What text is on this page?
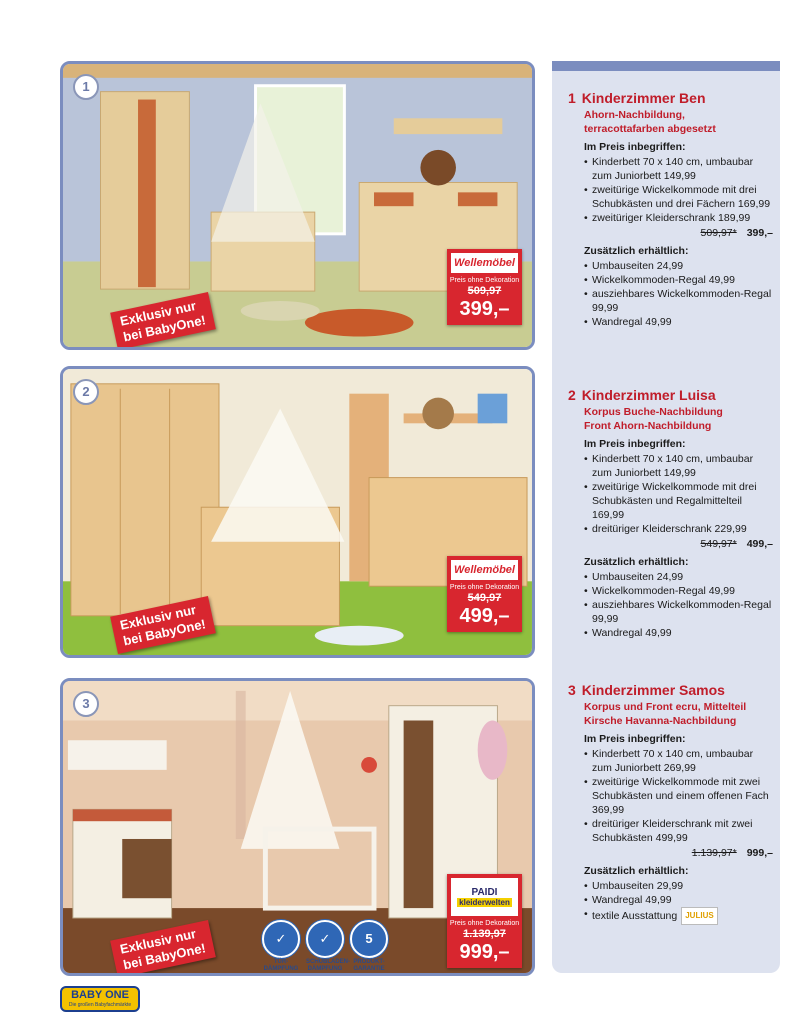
1
Exklusiv nur
bei BabyOne!
Wellemöbel
Preis ohne Dekoration
509,97
399,–
2
Exklusiv nur
bei BabyOne!
Wellemöbel
Preis ohne Dekoration
549,97
499,–
3
Exklusiv nur
bei BabyOne!
PAIDI
kleiderwelten
Preis ohne Dekoration
1.139,97
999,–
✓
TÜR-
DÄMPFUNG
✓
SCHUBLADEN-
DÄMPFUNG
5
PRODUKT-
GARANTIE
1 Kinderzimmer Ben
Ahorn-Nachbildung,
terracottafarben abgesetzt
Im Preis inbegriffen:
• Kinderbett 70 x 140 cm, umbaubar zum Juniorbett 149,99
• zweitürige Wickelkommode mit drei Schubkästen und drei Fächern 169,99
• zweitüriger Kleiderschrank 189,99
509,97* 399,–
Zusätzlich erhältlich:
• Umbauseiten 24,99
• Wickelkommoden-Regal 49,99
• ausziehbares Wickelkommoden-Regal 99,99
• Wandregal 49,99
2 Kinderzimmer Luisa
Korpus Buche-Nachbildung
Front Ahorn-Nachbildung
Im Preis inbegriffen:
• Kinderbett 70 x 140 cm, umbaubar zum Juniorbett 149,99
• zweitürige Wickelkommode mit drei Schubkästen und Regalmittelteil 169,99
• dreitüriger Kleiderschrank 229,99
549,97* 499,–
Zusätzlich erhältlich:
• Umbauseiten 24,99
• Wickelkommoden-Regal 49,99
• ausziehbares Wickelkommoden-Regal 99,99
• Wandregal 49,99
3 Kinderzimmer Samos
Korpus und Front ecru, Mittelteil
Kirsche Havanna-Nachbildung
Im Preis inbegriffen:
• Kinderbett 70 x 140 cm, umbaubar zum Juniorbett 269,99
• zweitürige Wickelkommode mit zwei Schubkästen und einem offenen Fach 369,99
• dreitüriger Kleiderschrank mit zwei Schubkästen 499,99
1.139,97* 999,–
Zusätzlich erhältlich:
• Umbauseiten 29,99
• Wandregal 49,99
• textile Ausstattung JULIUS
BABY ONE
Die großen Babyfachmärkte
